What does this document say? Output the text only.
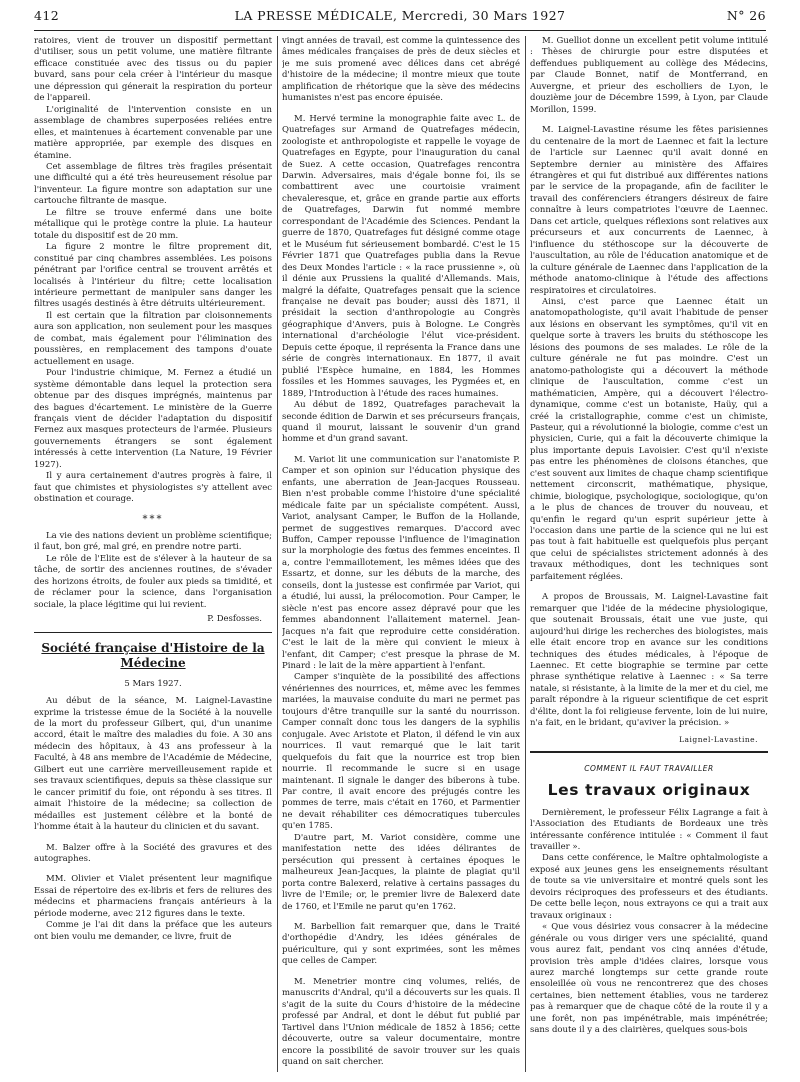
412	LA PRESSE MÉDICALE, Mercredi, 30 Mars 1927	N° 26

ratoires, vient de trouver un dispositif permettant d'utiliser, sous un petit volume, une matière filtrante efficace constituée avec des tissus ou du papier buvard, sans pour cela créer à l'intérieur du masque une dépression qui génerait la respiration du porteur de l'appareil.

L'originalité de l'intervention consiste en un assemblage de chambres superposées reliées entre elles, et maintenues à écartement convenable par une matière appropriée, par exemple des disques en étamine.

Cet assemblage de filtres très fragiles présentait une difficulté qui a été très heureusement résolue par l'inventeur. La figure montre son adaptation sur une cartouche filtrante de masque.

Le filtre se trouve enfermé dans une boite métallique qui le protège contre la pluie. La hauteur totale du dispositif est de 20 mm.

La figure 2 montre le filtre proprement dit, constitué par cinq chambres assemblées. Les poisons pénétrant par l'orifice central se trouvent arrêtés et localisés à l'intérieur du filtre; cette localisation intérieure permettant de manipuler sans danger les filtres usagés destinés à être détruits ultérieurement.

Il est certain que la filtration par cloisonnements aura son application, non seulement pour les masques de combat, mais également pour l'élimination des poussières, en remplacement des tampons d'ouate actuellement en usage.

Pour l'industrie chimique, M. Fernez a étudié un système démontable dans lequel la protection sera obtenue par des disques imprégnés, maintenus par des bagues d'écartement. Le ministère de la Guerre français vient de décider l'adaptation du dispositif Fernez aux masques protecteurs de l'armée. Plusieurs gouvernements étrangers se sont également intéressés à cette intervention (La Nature, 19 Février 1927).

Il y aura certainement d'autres progrès à faire, il faut que chimistes et physiologistes s'y attellent avec obstination et courage.

***

La vie des nations devient un problème scientifique; il faut, bon gré, mal gré, en prendre notre parti.

Le rôle de l'Elite est de s'élever à la hauteur de sa tâche, de sortir des anciennes routines, de s'évader des horizons étroits, de fouler aux pieds sa timidité, et de réclamer pour la science, dans l'organisation sociale, la place légitime qui lui revient.

P. Desfosses.
Société française d'Histoire de la Médecine
5 Mars 1927.

Au début de la séance, M. Laignel-Lavastine exprime la tristesse émue de la Société à la nouvelle de la mort du professeur Gilbert, qui, d'un unanime accord, était le maître des maladies du foie. A 30 ans médecin des hôpitaux, à 43 ans professeur à la Faculté, à 48 ans membre de l'Académie de Médecine, Gilbert eut une carrière merveilleusement rapide et ses travaux scientifiques, depuis sa thèse classique sur le cancer primitif du foie, ont répondu à ses titres. Il aimait l'histoire de la médecine; sa collection de médailles est justement célèbre et la bonté de l'homme était à la hauteur du clinicien et du savant.

M. Balzer offre à la Société des gravures et des autographes.

MM. Olivier et Vialet présentent leur magnifique Essai de répertoire des ex-libris et fers de reliures des médecins et pharmaciens français antérieurs à la période moderne, avec 212 figures dans le texte.

Comme je l'ai dit dans la préface que les auteurs ont bien voulu me demander, ce livre, fruit de

vingt années de travail, est comme la quintessence des âmes médicales françaises de près de deux siècles et je me suis promené avec délices dans cet abrégé d'histoire de la médecine; il montre mieux que toute amplification de rhétorique que la sève des médecins humanistes n'est pas encore épuisée.

M. Hervé termine la monographie faite avec L. de Quatrefages sur Armand de Quatrefages médecin, zoologiste et anthropologiste et rappelle le voyage de Quatrefages en Egypte, pour l'inauguration du canal de Suez. A cette occasion, Quatrefages rencontra Darwin. Adversaires, mais d'égale bonne foi, ils se combattirent avec une courtoisie vraiment chevaleresque, et, grâce en grande partie aux efforts de Quatrefages, Darwin fut nommé membre correspondant de l'Académie des Sciences. Pendant la guerre de 1870, Quatrefages fut désigné comme otage et le Muséum fut sérieusement bombardé. C'est le 15 Février 1871 que Quatrefages publia dans la Revue des Deux Mondes l'article : « la race prussienne », où il dénie aux Prussiens la qualité d'Allemands. Mais, malgré la défaite, Quatrefages pensait que la science française ne devait pas bouder; aussi dès 1871, il présidait la section d'anthropologie au Congrès géographique d'Anvers, puis à Bologne. Le Congrès international d'archéologie l'élut vice-président. Depuis cette époque, il représenta la France dans une série de congrès internationaux. En 1877, il avait publié l'Espèce humaine, en 1884, les Hommes fossiles et les Hommes sauvages, les Pygmées et, en 1889, l'Introduction à l'étude des races humaines.

Au début de 1892, Quatrefages parachevait la seconde édition de Darwin et ses précurseurs français, quand il mourut, laissant le souvenir d'un grand homme et d'un grand savant.

M. Variot lit une communication sur l'anatomiste P. Camper et son opinion sur l'éducation physique des enfants, une aberration de Jean-Jacques Rousseau. Bien n'est probable comme l'histoire d'une spécialité médicale faite par un spécialiste compétent. Aussi, Variot, analysant Camper, le Buffon de la Hollande, permet de suggestives remarques. D'accord avec Buffon, Camper repousse l'influence de l'imagination sur la morphologie des fœtus des femmes enceintes. Il a, contre l'emmaillotement, les mêmes idées que des Essartz, et donne, sur les débuts de la marche, des conseils, dont la justesse est confirmée par Variot, qui a étudié, lui aussi, la prélocomotion. Pour Camper, le siècle n'est pas encore assez dépravé pour que les femmes abandonnent l'allaitement maternel. Jean-Jacques n'a fait que reproduire cette considération. C'est le lait de la mère qui convient le mieux à l'enfant, dit Camper; c'est presque la phrase de M. Pinard : le lait de la mère appartient à l'enfant.

Camper s'inquiète de la possibilité des affections vénériennes des nourrices, et, même avec les femmes mariées, la mauvaise conduite du mari ne permet pas toujours d'être tranquille sur la santé du nourrisson. Camper connaît donc tous les dangers de la syphilis conjugale. Avec Aristote et Platon, il défend le vin aux nourrices. Il vaut remarqué que le lait tarit quelquefois du fait que la nourrice est trop bien nourrie. Il recommande le sucre si en usage maintenant. Il signale le danger des biberons à tube. Par contre, il avait encore des préjugés contre les pommes de terre, mais c'était en 1760, et Parmentier ne devait réhabiliter ces démocratiques tubercules qu'en 1785.

D'autre part, M. Variot considère, comme une manifestation nette des idées délirantes de persécution qui pressent à certaines époques le malheureux Jean-Jacques, la plainte de plagiat qu'il porta contre Balexerd, relative à certains passages du livre de l'Emile; or, le premier livre de Balexerd date de 1760, et l'Emile ne parut qu'en 1762.

M. Barbellion fait remarquer que, dans le Traité d'orthopédie d'Andry, les idées générales de puériculture, qui y sont exprimées, sont les mêmes que celles de Camper.

M. Menetrier montre cinq volumes, reliés, de manuscrits d'Andral, qu'il a découverts sur les quais. Il s'agit de la suite du Cours d'histoire de la médecine professé par Andral, et dont le début fut publié par Tartivel dans l'Union médicale de 1852 à 1856; cette découverte, outre sa valeur documentaire, montre encore la possibilité de savoir trouver sur les quais quand on sait chercher.

M. Guelliot donne un excellent petit volume intitulé : Thèses de chirurgie pour estre disputées et deffendues publiquement au collège des Médecins, par Claude Bonnet, natif de Montferrand, en Auvergne, et prieur des escholliers de Lyon, le douzième jour de Décembre 1599, à Lyon, par Claude Morillon, 1599.

M. Laignel-Lavastine résume les fêtes parisiennes du centenaire de la mort de Laennec et fait la lecture de l'article sur Laennec qu'il avait donné en Septembre dernier au ministère des Affaires étrangères et qui fut distribué aux différentes nations par le service de la propagande, afin de faciliter le travail des conférenciers étrangers désireux de faire connaître à leurs compatriotes l'œuvre de Laennec. Dans cet article, quelques réflexions sont relatives aux précurseurs et aux concurrents de Laennec, à l'influence du stéthoscope sur la découverte de l'auscultation, au rôle de l'éducation anatomique et de la culture générale de Laennec dans l'application de la méthode anatomo-clinique à l'étude des affections respiratoires et circulatoires.

Ainsi, c'est parce que Laennec était un anatomopathologiste, qu'il avait l'habitude de penser aux lésions en observant les symptômes, qu'il vit en quelque sorte à travers les bruits du stéthoscope les lésions des poumons de ses malades. Le rôle de la culture générale ne fut pas moindre. C'est un anatomo-pathologiste qui a découvert la méthode clinique de l'auscultation, comme c'est un mathématicien, Ampère, qui a découvert l'électro-dynamique, comme c'est un botaniste, Haüy, qui a créé la cristallographie, comme c'est un chimiste, Pasteur, qui a révolutionné la biologie, comme c'est un physicien, Curie, qui a fait la découverte chimique la plus importante depuis Lavoisier. C'est qu'il n'existe pas entre les phénomènes de cloisons étanches, que c'est souvent aux limites de chaque champ scientifique nettement circonscrit, mathématique, physique, chimie, biologique, psychologique, sociologique, qu'on a le plus de chances de trouver du nouveau, et qu'enfin le regard qu'un esprit supérieur jette à l'occasion dans une partie de la science qui ne lui est pas tout à fait habituelle est quelquefois plus perçant que celui de spécialistes strictement adonnés à des travaux méthodiques, dont les techniques sont parfaitement réglées.

A propos de Broussais, M. Laignel-Lavastine fait remarquer que l'idée de la médecine physiologique, que soutenait Broussais, était une vue juste, qui aujourd'hui dirige les recherches des biologistes, mais elle était encore trop en avance sur les conditions techniques des études médicales, à l'époque de Laennec. Et cette biographie se termine par cette phrase synthétique relative à Laennec : « Sa terre natale, si résistante, à la limite de la mer et du ciel, me paraît répondre à la rigueur scientifique de cet esprit d'élite, dont la foi religieuse fervente, loin de lui nuire, n'a fait, en le bridant, qu'aviver la précision. »

Laignel-Lavastine.
COMMENT IL FAUT TRAVAILLER
Les travaux originaux

Dernièrement, le professeur Félix Lagrange a fait à l'Association des Etudiants de Bordeaux une très intéressante conférence intitulée : « Comment il faut travailler ».

Dans cette conférence, le Maître ophtalmologiste a exposé aux jeunes gens les enseignements résultant de toute sa vie universitaire et montré quels sont les devoirs réciproques des professeurs et des étudiants. De cette belle leçon, nous extrayons ce qui a trait aux travaux originaux :

« Que vous désiriez vous consacrer à la médecine générale ou vous diriger vers une spécialité, quand vous aurez fait, pendant vos cinq années d'étude, provision très ample d'idées claires, lorsque vous aurez marché longtemps sur cette grande route ensoleillée où vous ne rencontrerez que des choses certaines, bien nettement établies, vous ne tarderez pas à remarquer que de chaque côté de la route il y a une forêt, non pas impénétrable, mais impénétrée; sans doute il y a des clairières, quelques sous-bois
